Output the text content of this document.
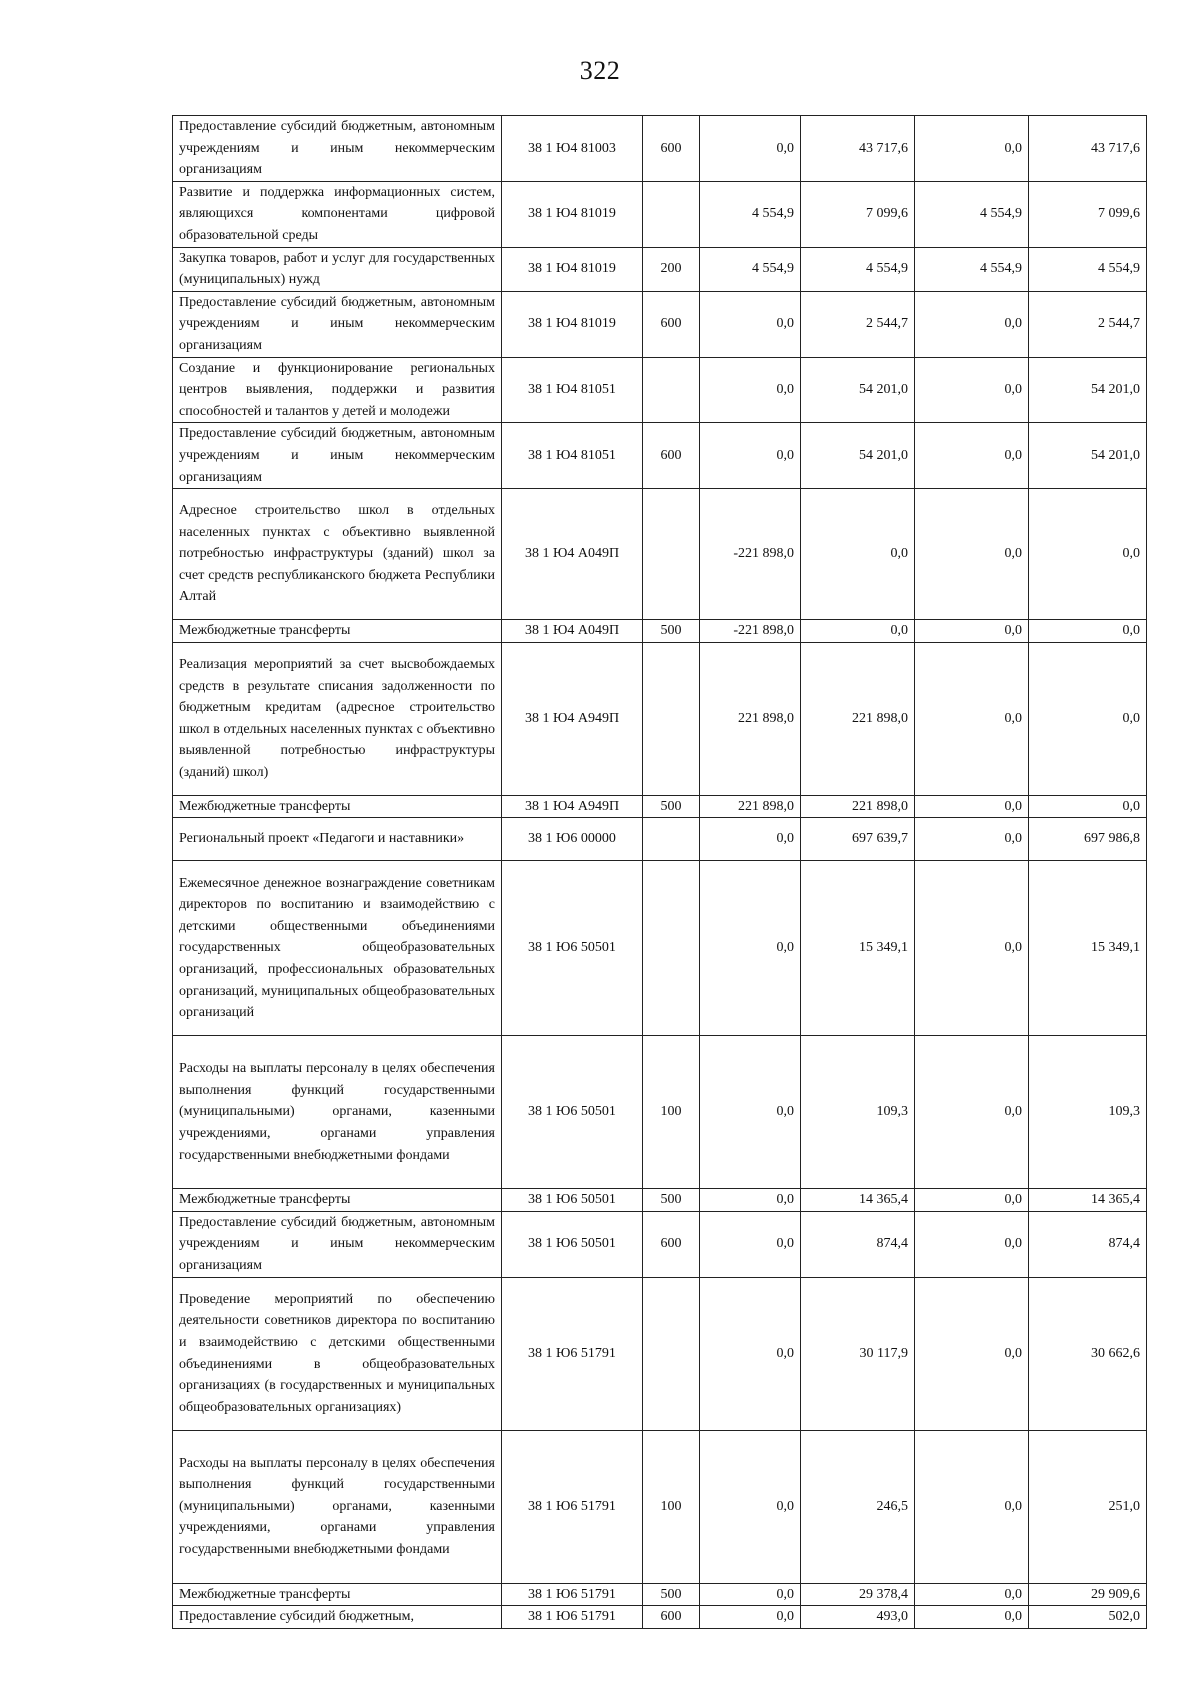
322
Предоставление субсидий бюджетным, автономным учреждениям и иным некоммерческим организациям	38 1 Ю4 81003	600	0,0	43 717,6	0,0	43 717,6
Развитие и поддержка информационных систем, являющихся компонентами цифровой образовательной среды	38 1 Ю4 81019		4 554,9	7 099,6	4 554,9	7 099,6
Закупка товаров, работ и услуг для государственных (муниципальных) нужд	38 1 Ю4 81019	200	4 554,9	4 554,9	4 554,9	4 554,9
Предоставление субсидий бюджетным, автономным учреждениям и иным некоммерческим организациям	38 1 Ю4 81019	600	0,0	2 544,7	0,0	2 544,7
Создание и функционирование региональных центров выявления, поддержки и развития способностей и талантов у детей и молодежи	38 1 Ю4 81051		0,0	54 201,0	0,0	54 201,0
Предоставление субсидий бюджетным, автономным учреждениям и иным некоммерческим организациям	38 1 Ю4 81051	600	0,0	54 201,0	0,0	54 201,0
Адресное строительство школ в отдельных населенных пунктах с объективно выявленной потребностью инфраструктуры (зданий) школ за счет средств республиканского бюджета Республики Алтай	38 1 Ю4 А049П		-221 898,0	0,0	0,0	0,0
Межбюджетные трансферты	38 1 Ю4 А049П	500	-221 898,0	0,0	0,0	0,0
Реализация мероприятий за счет высвобождаемых средств в результате списания задолженности по бюджетным кредитам (адресное строительство школ в отдельных населенных пунктах с объективно выявленной потребностью инфраструктуры (зданий) школ)	38 1 Ю4 А949П		221 898,0	221 898,0	0,0	0,0
Межбюджетные трансферты	38 1 Ю4 А949П	500	221 898,0	221 898,0	0,0	0,0
Региональный проект «Педагоги и наставники»	38 1 Ю6 00000		0,0	697 639,7	0,0	697 986,8
Ежемесячное денежное вознаграждение советникам директоров по воспитанию и взаимодействию с детскими общественными объединениями государственных общеобразовательных организаций, профессиональных образовательных организаций, муниципальных общеобразовательных организаций	38 1 Ю6 50501		0,0	15 349,1	0,0	15 349,1
Расходы на выплаты персоналу в целях обеспечения выполнения функций государственными (муниципальными) органами, казенными учреждениями, органами управления государственными внебюджетными фондами	38 1 Ю6 50501	100	0,0	109,3	0,0	109,3
Межбюджетные трансферты	38 1 Ю6 50501	500	0,0	14 365,4	0,0	14 365,4
Предоставление субсидий бюджетным, автономным учреждениям и иным некоммерческим организациям	38 1 Ю6 50501	600	0,0	874,4	0,0	874,4
Проведение мероприятий по обеспечению деятельности советников директора по воспитанию и взаимодействию с детскими общественными объединениями в общеобразовательных организациях (в государственных и муниципальных общеобразовательных организациях)	38 1 Ю6 51791		0,0	30 117,9	0,0	30 662,6
Расходы на выплаты персоналу в целях обеспечения выполнения функций государственными (муниципальными) органами, казенными учреждениями, органами управления государственными внебюджетными фондами	38 1 Ю6 51791	100	0,0	246,5	0,0	251,0
Межбюджетные трансферты	38 1 Ю6 51791	500	0,0	29 378,4	0,0	29 909,6
Предоставление субсидий бюджетным,	38 1 Ю6 51791	600	0,0	493,0	0,0	502,0
